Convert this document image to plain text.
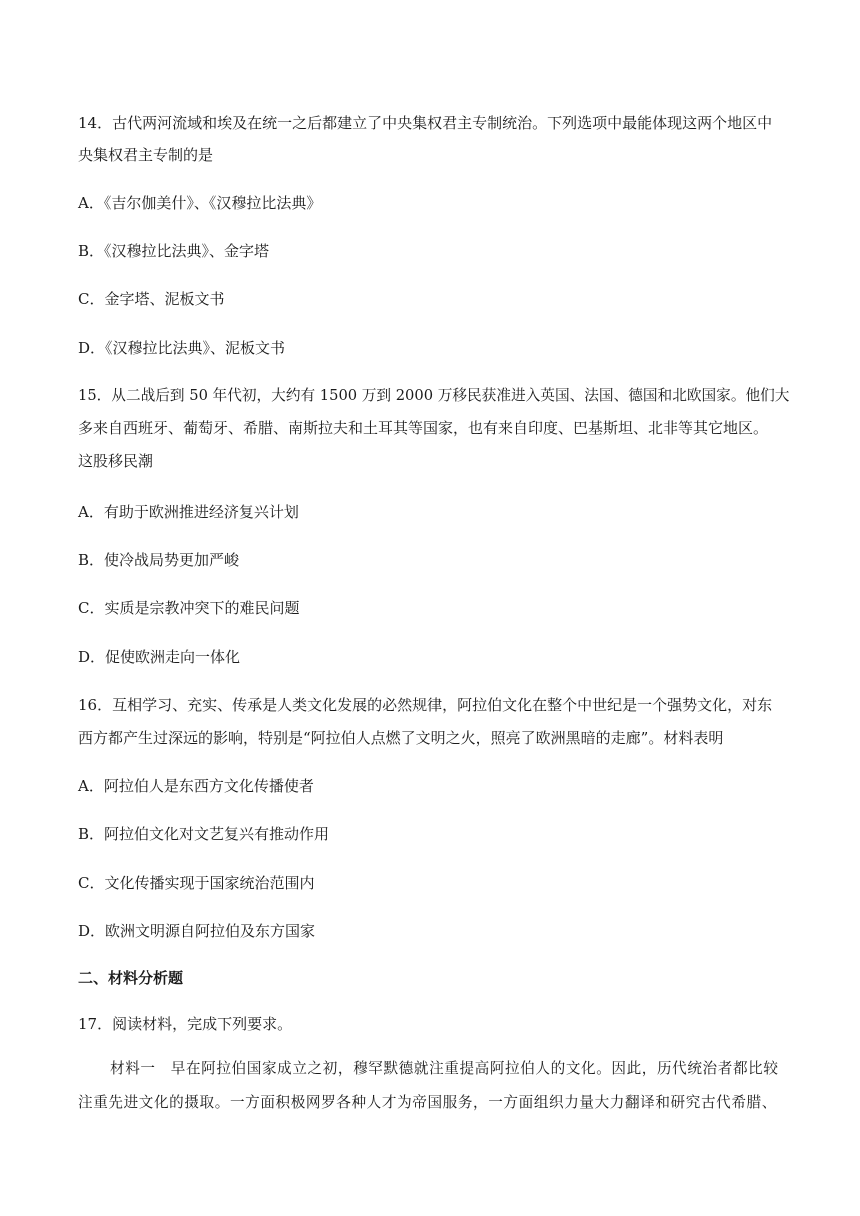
14．古代两河流域和埃及在统一之后都建立了中央集权君主专制统治。下列选项中最能体现这两个地区中
央集权君主专制的是
A．《吉尔伽美什》、《汉穆拉比法典》
B．《汉穆拉比法典》、金字塔
C．金字塔、泥板文书
D．《汉穆拉比法典》、泥板文书
15．从二战后到 50 年代初，大约有 1500 万到 2000 万移民获准进入英国、法国、德国和北欧国家。他们大
多来自西班牙、葡萄牙、希腊、南斯拉夫和土耳其等国家，也有来自印度、巴基斯坦、北非等其它地区。
这股移民潮
A．有助于欧洲推进经济复兴计划
B．使冷战局势更加严峻
C．实质是宗教冲突下的难民问题
D．促使欧洲走向一体化
16．互相学习、充实、传承是人类文化发展的必然规律，阿拉伯文化在整个中世纪是一个强势文化，对东
西方都产生过深远的影响，特别是“阿拉伯人点燃了文明之火，照亮了欧洲黑暗的走廊”。材料表明
A．阿拉伯人是东西方文化传播使者
B．阿拉伯文化对文艺复兴有推动作用
C．文化传播实现于国家统治范围内
D．欧洲文明源自阿拉伯及东方国家
二、材料分析题
17．阅读材料，完成下列要求。
材料一　早在阿拉伯国家成立之初，穆罕默德就注重提高阿拉伯人的文化。因此，历代统治者都比较
注重先进文化的摄取。一方面积极网罗各种人才为帝国服务，一方面组织力量大力翻译和研究古代希腊、
